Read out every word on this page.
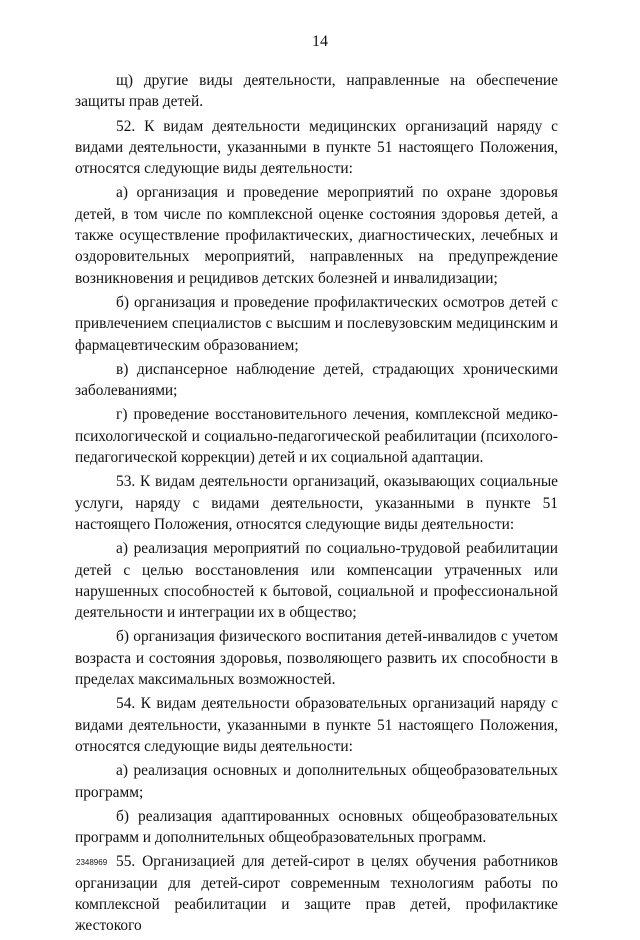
14

щ) другие виды деятельности, направленные на обеспечение защиты прав детей.

52. К видам деятельности медицинских организаций наряду с видами деятельности, указанными в пункте 51 настоящего Положения, относятся следующие виды деятельности:

а) организация и проведение мероприятий по охране здоровья детей, в том числе по комплексной оценке состояния здоровья детей, а также осуществление профилактических, диагностических, лечебных и оздоровительных мероприятий, направленных на предупреждение возникновения и рецидивов детских болезней и инвалидизации;

б) организация и проведение профилактических осмотров детей с привлечением специалистов с высшим и послевузовским медицинским и фармацевтическим образованием;

в) диспансерное наблюдение детей, страдающих хроническими заболеваниями;

г) проведение восстановительного лечения, комплексной медико-психологической и социально-педагогической реабилитации (психолого-педагогической коррекции) детей и их социальной адаптации.

53. К видам деятельности организаций, оказывающих социальные услуги, наряду с видами деятельности, указанными в пункте 51 настоящего Положения, относятся следующие виды деятельности:

а) реализация мероприятий по социально-трудовой реабилитации детей с целью восстановления или компенсации утраченных или нарушенных способностей к бытовой, социальной и профессиональной деятельности и интеграции их в общество;

б) организация физического воспитания детей-инвалидов с учетом возраста и состояния здоровья, позволяющего развить их способности в пределах максимальных возможностей.

54. К видам деятельности образовательных организаций наряду с видами деятельности, указанными в пункте 51 настоящего Положения, относятся следующие виды деятельности:

а) реализация основных и дополнительных общеобразовательных программ;

б) реализация адаптированных основных общеобразовательных программ и дополнительных общеобразовательных программ.

55. Организацией для детей-сирот в целях обучения работников организации для детей-сирот современным технологиям работы по комплексной реабилитации и защите прав детей, профилактике жестокого

2348969
